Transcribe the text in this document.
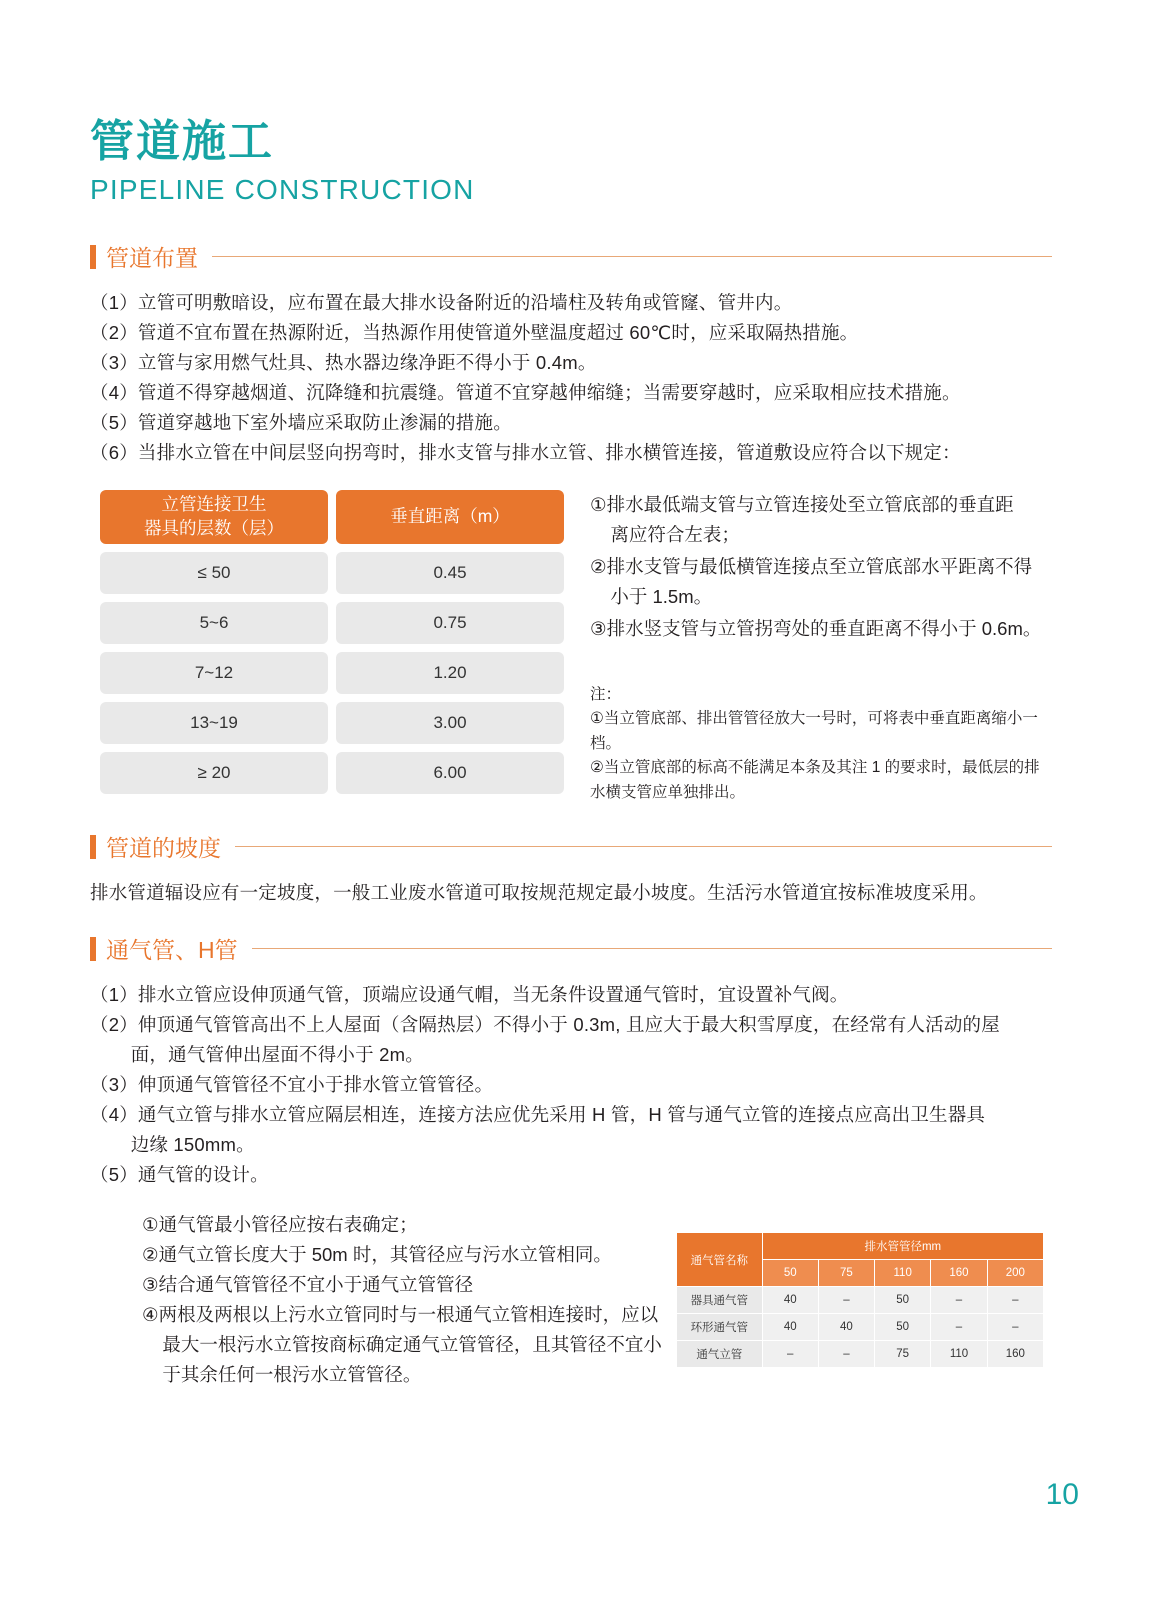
管道施工
PIPELINE CONSTRUCTION
管道布置
（1）立管可明敷暗设，应布置在最大排水设备附近的沿墙柱及转角或管窿、管井内。
（2）管道不宜布置在热源附近，当热源作用使管道外壁温度超过 60℃时，应采取隔热措施。
（3）立管与家用燃气灶具、热水器边缘净距不得小于 0.4m。
（4）管道不得穿越烟道、沉降缝和抗震缝。管道不宜穿越伸缩缝；当需要穿越时，应采取相应技术措施。
（5）管道穿越地下室外墙应采取防止渗漏的措施。
（6）当排水立管在中间层竖向拐弯时，排水支管与排水立管、排水横管连接，管道敷设应符合以下规定：
立管连接卫生
器具的层数（层）
垂直距离（m）
≤ 50	0.45
5~6	0.75
7~12	1.20
13~19	3.00
≥ 20	6.00
①排水最低端支管与立管连接处至立管底部的垂直距
离应符合左表；
②排水支管与最低横管连接点至立管底部水平距离不得
小于 1.5m。
③排水竖支管与立管拐弯处的垂直距离不得小于 0.6m。
注：
①当立管底部、排出管管径放大一号时，可将表中垂直距离缩小一档。
②当立管底部的标高不能满足本条及其注 1 的要求时，最低层的排
水横支管应单独排出。
管道的坡度
排水管道辐设应有一定坡度，一般工业废水管道可取按规范规定最小坡度。生活污水管道宜按标准坡度采用。
通气管、H管
（1）排水立管应设伸顶通气管，顶端应设通气帽，当无条件设置通气管时，宜设置补气阀。
（2）伸顶通气管管高出不上人屋面（含隔热层）不得小于 0.3m, 且应大于最大积雪厚度，在经常有人活动的屋
面，通气管伸出屋面不得小于 2m。
（3）伸顶通气管管径不宜小于排水管立管管径。
（4）通气立管与排水立管应隔层相连，连接方法应优先采用 H 管，H 管与通气立管的连接点应高出卫生器具
边缘 150mm。
（5）通气管的设计。
①通气管最小管径应按右表确定；
②通气立管长度大于 50m 时，其管径应与污水立管相同。
③结合通气管管径不宜小于通气立管管径
④两根及两根以上污水立管同时与一根通气立管相连接时，应以
最大一根污水立管按商标确定通气立管管径，且其管径不宜小
于其余任何一根污水立管管径。
通气管名称	排水管管径mm				
	50	75	110	160	200
器具通气管	40	–	50	–	–
环形通气管	40	40	50	–	–
通气立管	–	–	75	110	160
10
